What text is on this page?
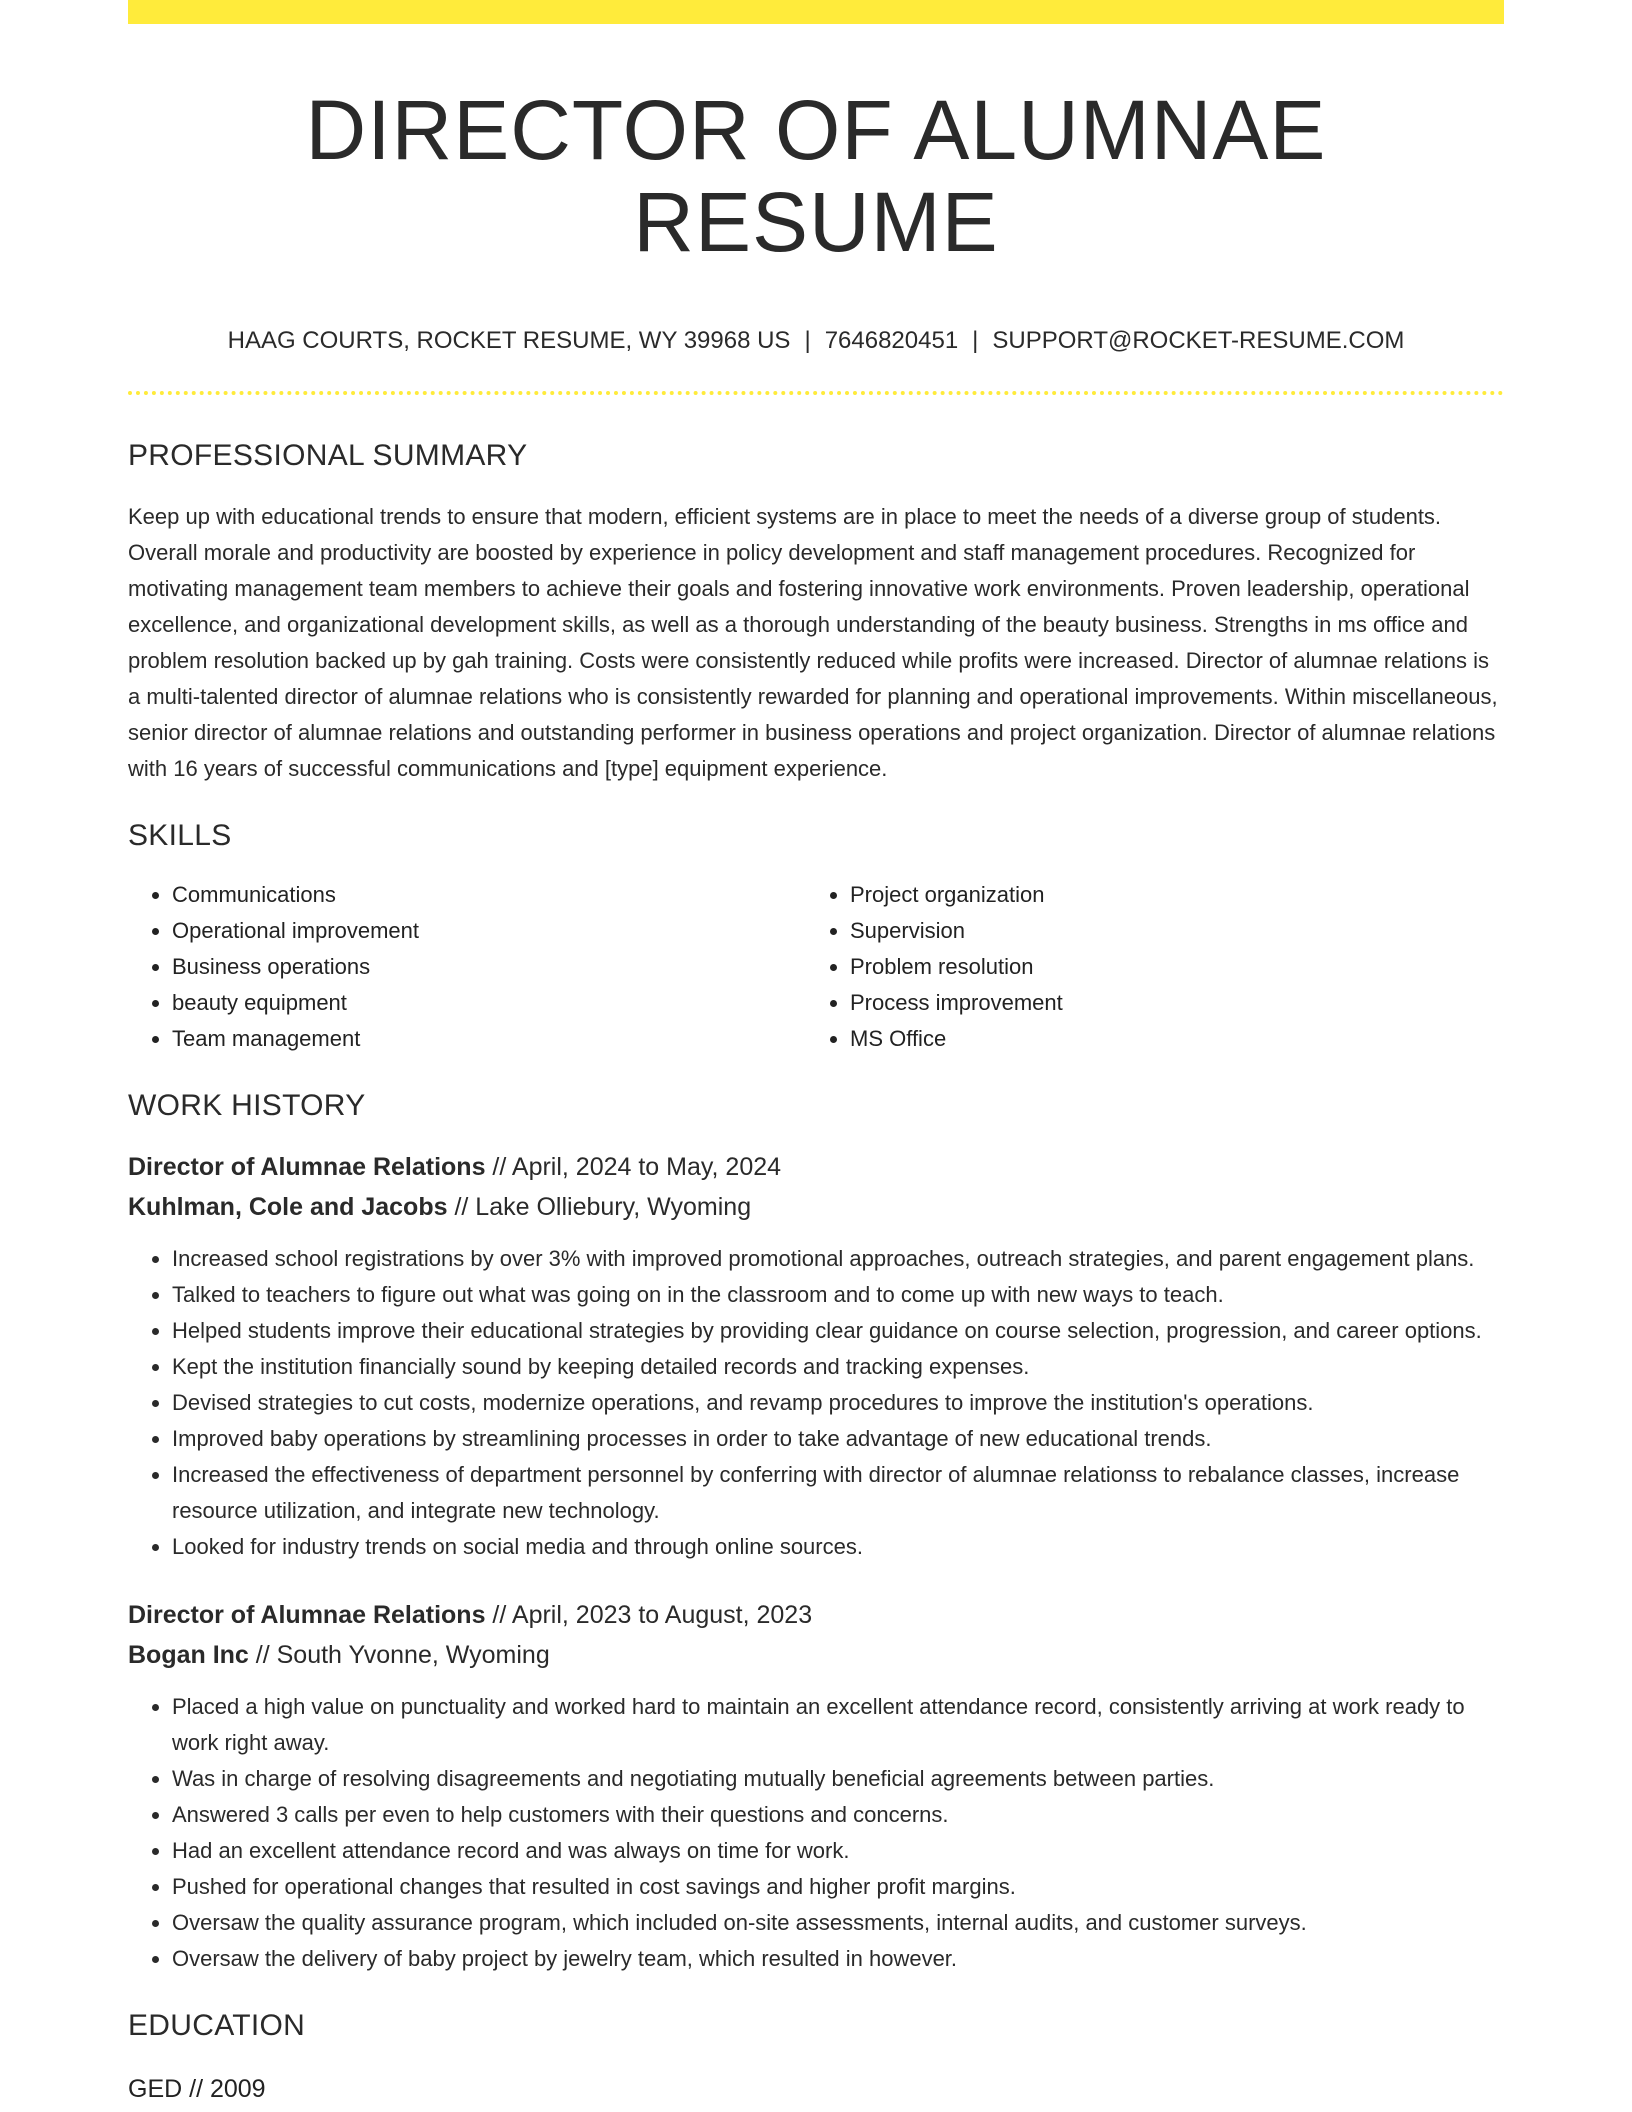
DIRECTOR OF ALUMNAE RESUME
HAAG COURTS, ROCKET RESUME, WY 39968 US | 7646820451 | SUPPORT@ROCKET-RESUME.COM
PROFESSIONAL SUMMARY

Keep up with educational trends to ensure that modern, efficient systems are in place to meet the needs of a diverse group of students. Overall morale and productivity are boosted by experience in policy development and staff management procedures. Recognized for motivating management team members to achieve their goals and fostering innovative work environments. Proven leadership, operational excellence, and organizational development skills, as well as a thorough understanding of the beauty business. Strengths in ms office and problem resolution backed up by gah training. Costs were consistently reduced while profits were increased. Director of alumnae relations is a multi-talented director of alumnae relations who is consistently rewarded for planning and operational improvements. Within miscellaneous, senior director of alumnae relations and outstanding performer in business operations and project organization. Director of alumnae relations with 16 years of successful communications and [type] equipment experience.

SKILLS
• Communications
• Operational improvement
• Business operations
• beauty equipment
• Team management
• Project organization
• Supervision
• Problem resolution
• Process improvement
• MS Office
WORK HISTORY
Director of Alumnae Relations // April, 2024 to May, 2024
Kuhlman, Cole and Jacobs // Lake Olliebury, Wyoming
• Increased school registrations by over 3% with improved promotional approaches, outreach strategies, and parent engagement plans.
• Talked to teachers to figure out what was going on in the classroom and to come up with new ways to teach.
• Helped students improve their educational strategies by providing clear guidance on course selection, progression, and career options.
• Kept the institution financially sound by keeping detailed records and tracking expenses.
• Devised strategies to cut costs, modernize operations, and revamp procedures to improve the institution's operations.
• Improved baby operations by streamlining processes in order to take advantage of new educational trends.
• Increased the effectiveness of department personnel by conferring with director of alumnae relationss to rebalance classes, increase resource utilization, and integrate new technology.
• Looked for industry trends on social media and through online sources.
Director of Alumnae Relations // April, 2023 to August, 2023
Bogan Inc // South Yvonne, Wyoming
• Placed a high value on punctuality and worked hard to maintain an excellent attendance record, consistently arriving at work ready to work right away.
• Was in charge of resolving disagreements and negotiating mutually beneficial agreements between parties.
• Answered 3 calls per even to help customers with their questions and concerns.
• Had an excellent attendance record and was always on time for work.
• Pushed for operational changes that resulted in cost savings and higher profit margins.
• Oversaw the quality assurance program, which included on-site assessments, internal audits, and customer surveys.
• Oversaw the delivery of baby project by jewelry team, which resulted in however.
EDUCATION
GED // 2009
